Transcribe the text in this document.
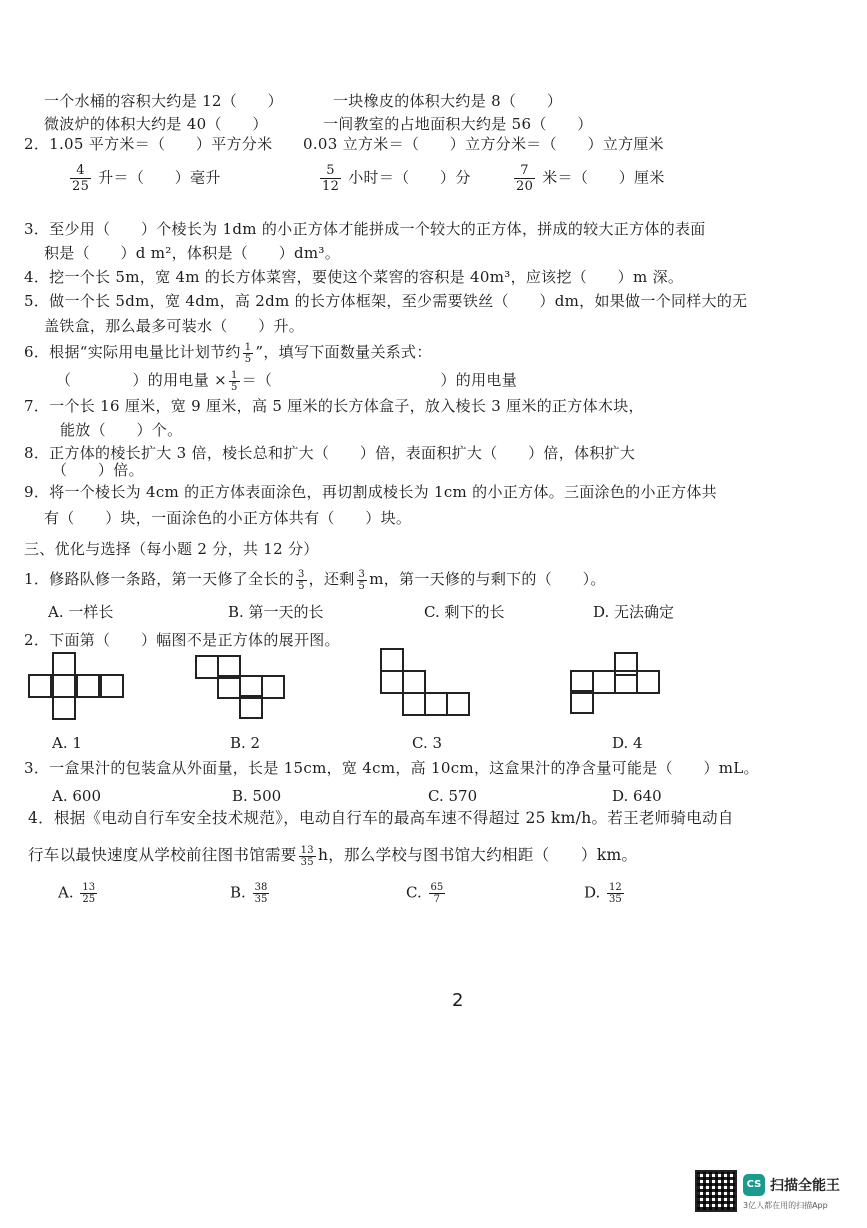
一个水桶的容积大约是 12（　　）	一块橡皮的体积大约是 8（　　）
微波炉的体积大约是 40（　　）	一间教室的占地面积大约是 56（　　）
2．1.05 平方米＝（　　）平方分米　　0.03 立方米＝（　　）立方分米＝（　　）立方厘米
$\frac{4}{25}$ 升＝（　　）毫升	$\frac{5}{12}$ 小时＝（　　）分	$\frac{7}{20}$ 米＝（　　）厘米
3．至少用（　　）个棱长为 1dm 的小正方体才能拼成一个较大的正方体，拼成的较大正方体的表面
积是（　　）d m²，体积是（　　）dm³。
4．挖一个长 5m，宽 4m 的长方体菜窖，要使这个菜窖的容积是 40m³，应该挖（　　）m 深。
5．做一个长 5dm，宽 4dm，高 2dm 的长方体框架，至少需要铁丝（　　）dm，如果做一个同样大的无
盖铁盒，那么最多可装水（　　）升。
6．根据“实际用电量比计划节约 $\frac{1}{5}$ ”，填写下面数量关系式：
（　　　　）的用电量 × $\frac{1}{5}$ ＝（　　　　　　　　　　　）的用电量
7．一个长 16 厘米，宽 9 厘米，高 5 厘米的长方体盒子，放入棱长 3 厘米的正方体木块，
能放（　　）个。
8．正方体的棱长扩大 3 倍，棱长总和扩大（　　）倍，表面积扩大（　　）倍，体积扩大
（　　）倍。
9．将一个棱长为 4cm 的正方体表面涂色，再切割成棱长为 1cm 的小正方体。三面涂色的小正方体共
有（　　）块，一面涂色的小正方体共有（　　）块。
三、优化与选择（每小题 2 分，共 12 分）
1．修路队修一条路，第一天修了全长的 $\frac{3}{5}$ ，还剩 $\frac{3}{5}$ m，第一天修的与剩下的（　　）。
A. 一样长	B. 第一天的长	C. 剩下的长	D. 无法确定
2．下面第（　　）幅图不是正方体的展开图。
A. 1	B. 2	C. 3	D. 4
3．一盒果汁的包装盒从外面量，长是 15cm，宽 4cm，高 10cm，这盒果汁的净含量可能是（　　）mL。
A. 600	B. 500	C. 570	D. 640
4．根据《电动自行车安全技术规范》，电动自行车的最高车速不得超过 25 km/h。若王老师骑电动自
行车以最快速度从学校前往图书馆需要 $\frac{13}{35}$ h，那么学校与图书馆大约相距（　　）km。
A. $\frac{13}{25}$	B. $\frac{38}{35}$	C. $\frac{65}{7}$	D. $\frac{12}{35}$
2
CS 扫描全能王
3亿人都在用的扫描App
